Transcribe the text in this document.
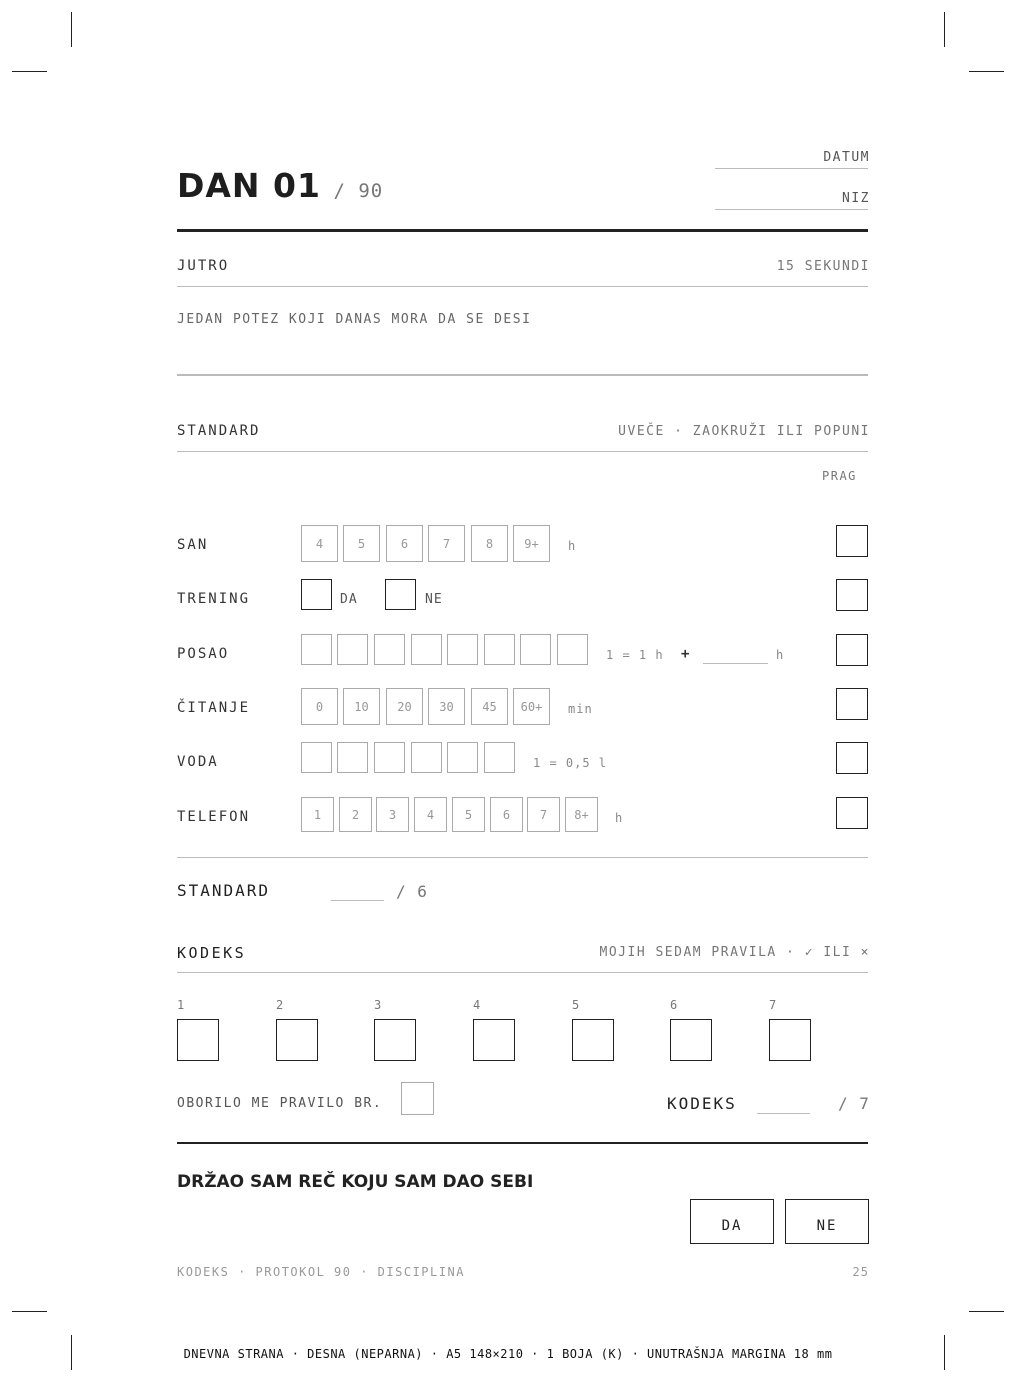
DAN 01 / 90
DATUM
NIZ
JUTRO	15 SEKUNDI
JEDAN POTEZ KOJI DANAS MORA DA SE DESI
STANDARD	UVEČE · ZAOKRUŽI ILI POPUNI
PRAG
SAN	4	5	6	7	8	9+	h
TRENING	DA	NE
POSAO	1 = 1 h +	h
ČITANJE	0	10	20	30	45	60+	min
VODA	1 = 0,5 l
TELEFON	1	2	3	4	5	6	7	8+	h
STANDARD	/ 6
KODEKS	MOJIH SEDAM PRAVILA · ✓ ILI ×
1	2	3	4	5	6	7
OBORILO ME PRAVILO BR.	KODEKS	/ 7
DRŽAO SAM REČ KOJU SAM DAO SEBI
DA	NE
KODEKS · PROTOKOL 90 · DISCIPLINA	25
DNEVNA STRANA · DESNA (NEPARNA) · A5 148×210 · 1 BOJA (K) · UNUTRAŠNJA MARGINA 18 mm
